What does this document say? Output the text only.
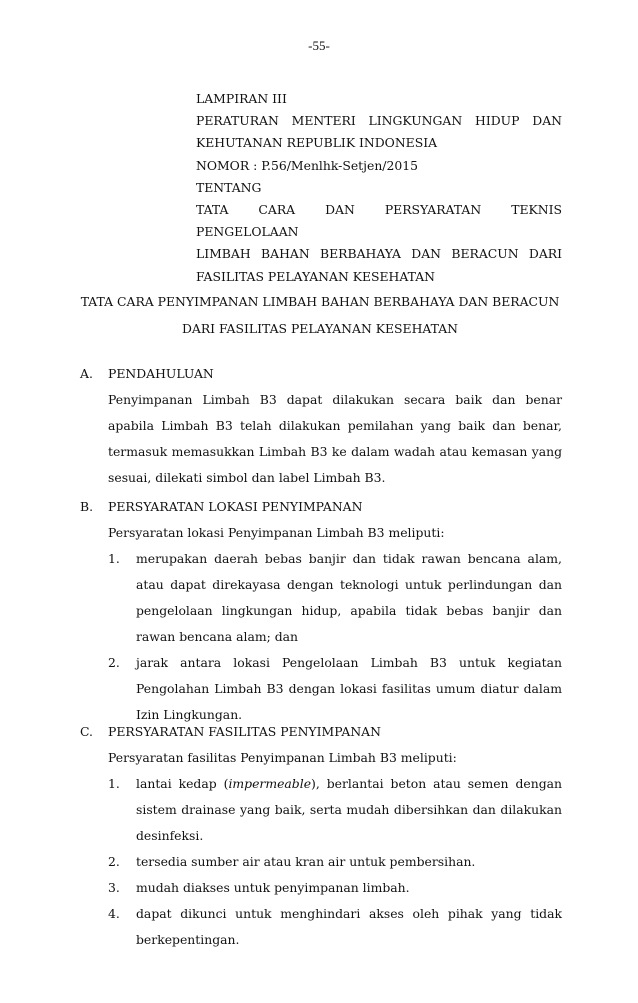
-55-
LAMPIRAN III
PERATURAN MENTERI LINGKUNGAN HIDUP DAN
KEHUTANAN REPUBLIK INDONESIA
NOMOR : P.56/Menlhk-Setjen/2015
TENTANG
TATA CARA DAN PERSYARATAN TEKNIS PENGELOLAAN
LIMBAH BAHAN BERBAHAYA DAN BERACUN DARI
FASILITAS PELAYANAN KESEHATAN
TATA CARA PENYIMPANAN LIMBAH BAHAN BERBAHAYA DAN BERACUN
DARI FASILITAS PELAYANAN KESEHATAN
A. PENDAHULUAN
Penyimpanan Limbah B3 dapat dilakukan secara baik dan benar apabila Limbah B3 telah dilakukan pemilahan yang baik dan benar, termasuk memasukkan Limbah B3 ke dalam wadah atau kemasan yang sesuai, dilekati simbol dan label Limbah B3.
B. PERSYARATAN LOKASI PENYIMPANAN
Persyaratan lokasi Penyimpanan Limbah B3 meliputi:
1. merupakan daerah bebas banjir dan tidak rawan bencana alam, atau dapat direkayasa dengan teknologi untuk perlindungan dan pengelolaan lingkungan hidup, apabila tidak bebas banjir dan rawan bencana alam; dan
2. jarak antara lokasi Pengelolaan Limbah B3 untuk kegiatan Pengolahan Limbah B3 dengan lokasi fasilitas umum diatur dalam Izin Lingkungan.
C. PERSYARATAN FASILITAS PENYIMPANAN
Persyaratan fasilitas Penyimpanan Limbah B3 meliputi:
1. lantai kedap (impermeable), berlantai beton atau semen dengan sistem drainase yang baik, serta mudah dibersihkan dan dilakukan desinfeksi.
2. tersedia sumber air atau kran air untuk pembersihan.
3. mudah diakses untuk penyimpanan limbah.
4. dapat dikunci untuk menghindari akses oleh pihak yang tidak berkepentingan.
